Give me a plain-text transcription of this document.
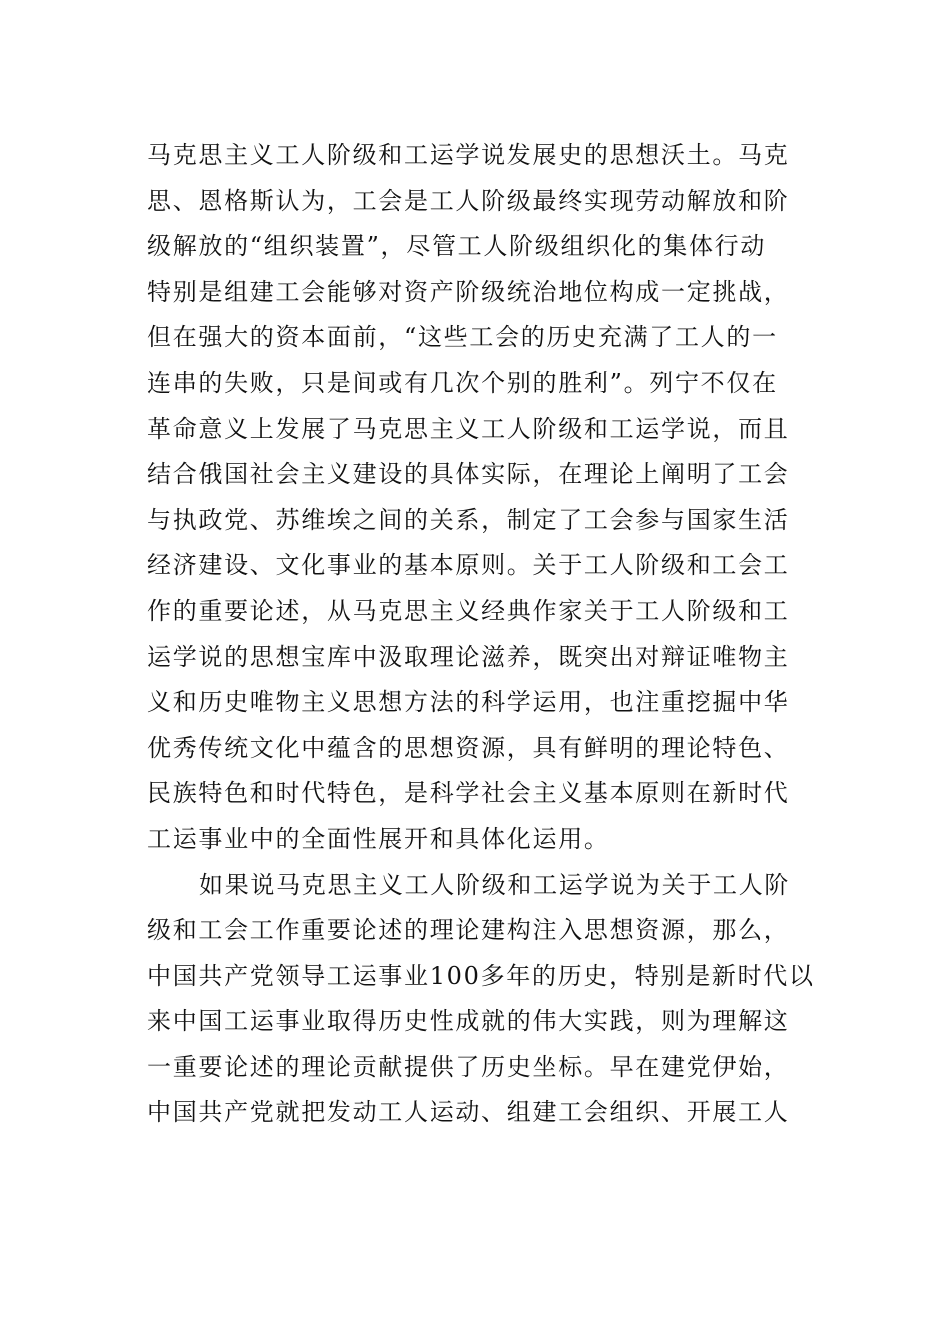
马克思主义工人阶级和工运学说发展史的思想沃土。马克
思、恩格斯认为，工会是工人阶级最终实现劳动解放和阶
级解放的“组织装置”，尽管工人阶级组织化的集体行动
特别是组建工会能够对资产阶级统治地位构成一定挑战，
但在强大的资本面前，“这些工会的历史充满了工人的一
连串的失败，只是间或有几次个别的胜利”。列宁不仅在
革命意义上发展了马克思主义工人阶级和工运学说，而且
结合俄国社会主义建设的具体实际，在理论上阐明了工会
与执政党、苏维埃之间的关系，制定了工会参与国家生活
经济建设、文化事业的基本原则。关于工人阶级和工会工
作的重要论述，从马克思主义经典作家关于工人阶级和工
运学说的思想宝库中汲取理论滋养，既突出对辩证唯物主
义和历史唯物主义思想方法的科学运用，也注重挖掘中华
优秀传统文化中蕴含的思想资源，具有鲜明的理论特色、
民族特色和时代特色，是科学社会主义基本原则在新时代
工运事业中的全面性展开和具体化运用。
如果说马克思主义工人阶级和工运学说为关于工人阶
级和工会工作重要论述的理论建构注入思想资源，那么，
中国共产党领导工运事业100多年的历史，特别是新时代以
来中国工运事业取得历史性成就的伟大实践，则为理解这
一重要论述的理论贡献提供了历史坐标。早在建党伊始，
中国共产党就把发动工人运动、组建工会组织、开展工人
